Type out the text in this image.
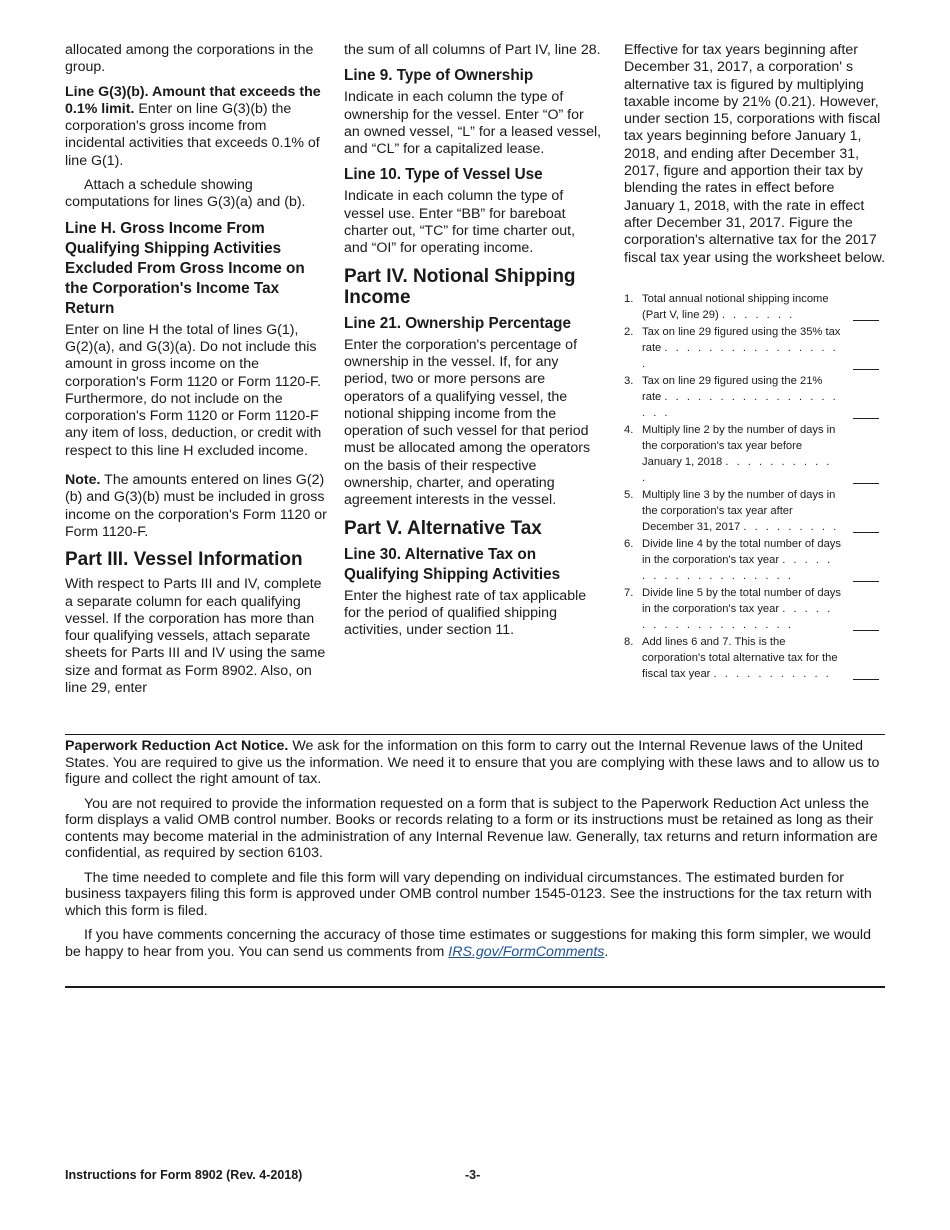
allocated among the corporations in the group.

Line G(3)(b). Amount that exceeds the 0.1% limit. Enter on line G(3)(b) the corporation's gross income from incidental activities that exceeds 0.1% of line G(1).

Attach a schedule showing computations for lines G(3)(a) and (b).

Line H. Gross Income From Qualifying Shipping Activities Excluded From Gross Income on the Corporation's Income Tax Return

Enter on line H the total of lines G(1), G(2)(a), and G(3)(a). Do not include this amount in gross income on the corporation's Form 1120 or Form 1120-F. Furthermore, do not include on the corporation's Form 1120 or Form 1120-F any item of loss, deduction, or credit with respect to this line H excluded income.

Note. The amounts entered on lines G(2)(b) and G(3)(b) must be included in gross income on the corporation's Form 1120 or Form 1120-F.

Part III. Vessel Information

With respect to Parts III and IV, complete a separate column for each qualifying vessel. If the corporation has more than four qualifying vessels, attach separate sheets for Parts III and IV using the same size and format as Form 8902. Also, on line 29, enter

the sum of all columns of Part IV, line 28.

Line 9. Type of Ownership

Indicate in each column the type of ownership for the vessel. Enter “O” for an owned vessel, “L” for a leased vessel, and “CL” for a capitalized lease.

Line 10. Type of Vessel Use

Indicate in each column the type of vessel use. Enter “BB” for bareboat charter out, “TC” for time charter out, and “OI” for operating income.

Part IV. Notional Shipping Income
Line 21. Ownership Percentage

Enter the corporation's percentage of ownership in the vessel. If, for any period, two or more persons are operators of a qualifying vessel, the notional shipping income from the operation of such vessel for that period must be allocated among the operators on the basis of their respective ownership, charter, and operating agreement interests in the vessel.

Part V. Alternative Tax
Line 30. Alternative Tax on Qualifying Shipping Activities

Enter the highest rate of tax applicable for the period of qualified shipping activities, under section 11.

Effective for tax years beginning after December 31, 2017, a corporation' s alternative tax is figured by multiplying taxable income by 21% (0.21). However, under section 15, corporations with fiscal tax years beginning before January 1, 2018, and ending after December 31, 2017, figure and apportion their tax by blending the rates in effect before January 1, 2018, with the rate in effect after December 31, 2017. Figure the corporation's alternative tax for the 2017 fiscal tax year using the worksheet below.

1. Total annual notional shipping income (Part V, line 29) . . . . . . .
2. Tax on line 29 figured using the 35% tax rate . . . . . . . . . . . . . . . . .
3. Tax on line 29 figured using the 21% rate . . . . . . . . . . . . . . . . . . .
4. Multiply line 2 by the number of days in the corporation's tax year before January 1, 2018 . . . . . . . . . . .
5. Multiply line 3 by the number of days in the corporation's tax year after December 31, 2017 . . . . . . . . .
6. Divide line 4 by the total number of days in the corporation's tax year . . . . . . . . . . . . . . . . . . .
7. Divide line 5 by the total number of days in the corporation's tax year . . . . . . . . . . . . . . . . . . .
8. Add lines 6 and 7. This is the corporation's total alternative tax for the fiscal tax year . . . . . . . . . . .

Paperwork Reduction Act Notice. We ask for the information on this form to carry out the Internal Revenue laws of the United States. You are required to give us the information. We need it to ensure that you are complying with these laws and to allow us to figure and collect the right amount of tax.

You are not required to provide the information requested on a form that is subject to the Paperwork Reduction Act unless the form displays a valid OMB control number. Books or records relating to a form or its instructions must be retained as long as their contents may become material in the administration of any Internal Revenue law. Generally, tax returns and return information are confidential, as required by section 6103.

The time needed to complete and file this form will vary depending on individual circumstances. The estimated burden for business taxpayers filing this form is approved under OMB control number 1545-0123. See the instructions for the tax return with which this form is filed.

If you have comments concerning the accuracy of those time estimates or suggestions for making this form simpler, we would be happy to hear from you. You can send us comments from IRS.gov/FormComments.

Instructions for Form 8902 (Rev. 4-2018)	-3-
